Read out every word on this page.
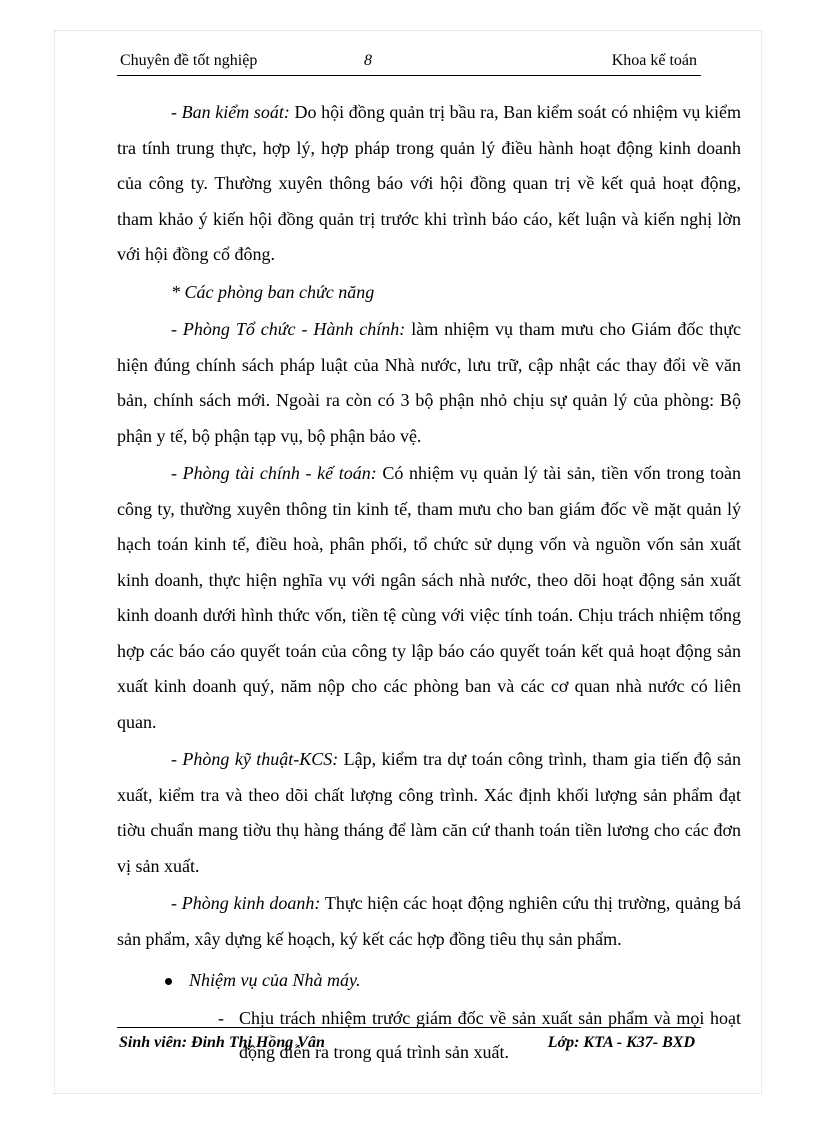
Chuyên đề tốt nghiệp	8	Khoa kế toán

- Ban kiểm soát: Do hội đồng quản trị bầu ra, Ban kiểm soát có nhiệm vụ kiểm tra tính trung thực, hợp lý, hợp pháp trong quản lý điều hành hoạt động kinh doanh của công ty. Thường xuyên thông báo với hội đồng quan trị về kết quả hoạt động, tham khảo ý kiến hội đồng quản trị trước khi trình báo cáo, kết luận và kiến nghị lờn với hội đồng cổ đông.

* Các phòng ban chức năng

- Phòng Tổ chức - Hành chính: làm nhiệm vụ tham mưu cho Giám đốc thực hiện đúng chính sách pháp luật của Nhà nước, lưu trữ, cập nhật các thay đổi về văn bản, chính sách mới. Ngoài ra còn có 3 bộ phận nhỏ chịu sự quản lý của phòng: Bộ phận y tế, bộ phận tạp vụ, bộ phận bảo vệ.

- Phòng tài chính - kế toán: Có nhiệm vụ quản lý tài sản, tiền vốn trong toàn công ty, thường xuyên thông tin kinh tế, tham mưu cho ban giám đốc về mặt quản lý hạch toán kinh tế, điều hoà, phân phối, tổ chức sử dụng vốn và nguồn vốn sản xuất kinh doanh, thực hiện nghĩa vụ với ngân sách nhà nước, theo dõi hoạt động sản xuất kinh doanh dưới hình thức vốn, tiền tệ cùng với việc tính toán. Chịu trách nhiệm tổng hợp các báo cáo quyết toán của công ty lập báo cáo quyết toán kết quả hoạt động sản xuất kinh doanh quý, năm nộp cho các phòng ban và các cơ quan nhà nước có liên quan.

- Phòng kỹ thuật-KCS: Lập, kiểm tra dự toán công trình, tham gia tiến độ sản xuất, kiểm tra và theo dõi chất lượng công trình. Xác định khối lượng sản phẩm đạt tiờu chuẩn mang tiờu thụ hàng tháng để làm căn cứ thanh toán tiền lương cho các đơn vị sản xuất.

- Phòng kinh doanh: Thực hiện các hoạt động nghiên cứu thị trường, quảng bá sản phẩm, xây dựng kế hoạch, ký kết các hợp đồng tiêu thụ sản phẩm.

Nhiệm vụ của Nhà máy.
- Chịu trách nhiệm trước giám đốc về sản xuất sản phẩm và mọi hoạt động diễn ra trong quá trình sản xuất.
Sinh viên: Đinh Thị Hồng Vân	Lớp: KTA - K37- BXD
